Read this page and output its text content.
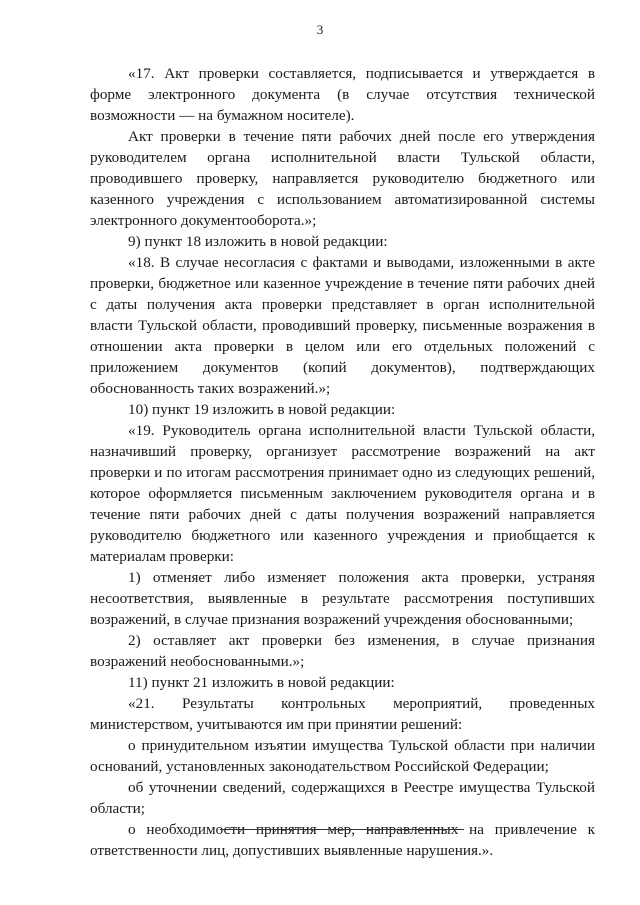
3

«17. Акт проверки составляется, подписывается и утверждается в форме электронного документа (в случае отсутствия технической возможности — на бумажном носителе).

Акт проверки в течение пяти рабочих дней после его утверждения руководителем органа исполнительной власти Тульской области, проводившего проверку, направляется руководителю бюджетного или казенного учреждения с использованием автоматизированной системы электронного документооборота.»;

9) пункт 18 изложить в новой редакции:

«18. В случае несогласия с фактами и выводами, изложенными в акте проверки, бюджетное или казенное учреждение в течение пяти рабочих дней с даты получения акта проверки представляет в орган исполнительной власти Тульской области, проводивший проверку, письменные возражения в отношении акта проверки в целом или его отдельных положений с приложением документов (копий документов), подтверждающих обоснованность таких возражений.»;

10) пункт 19 изложить в новой редакции:

«19. Руководитель органа исполнительной власти Тульской области, назначивший проверку, организует рассмотрение возражений на акт проверки и по итогам рассмотрения принимает одно из следующих решений, которое оформляется письменным заключением руководителя органа и в течение пяти рабочих дней с даты получения возражений направляется руководителю бюджетного или казенного учреждения и приобщается к материалам проверки:

1) отменяет либо изменяет положения акта проверки, устраняя несоответствия, выявленные в результате рассмотрения поступивших возражений, в случае признания возражений учреждения обоснованными;

2) оставляет акт проверки без изменения, в случае признания возражений необоснованными.»;

11) пункт 21 изложить в новой редакции:

«21. Результаты контрольных мероприятий, проведенных министерством, учитываются им при принятии решений:

о принудительном изъятии имущества Тульской области при наличии оснований, установленных законодательством Российской Федерации;

об уточнении сведений, содержащихся в Реестре имущества Тульской области;

о необходимости принятия мер, направленных на привлечение к ответственности лиц, допустивших выявленные нарушения.».
